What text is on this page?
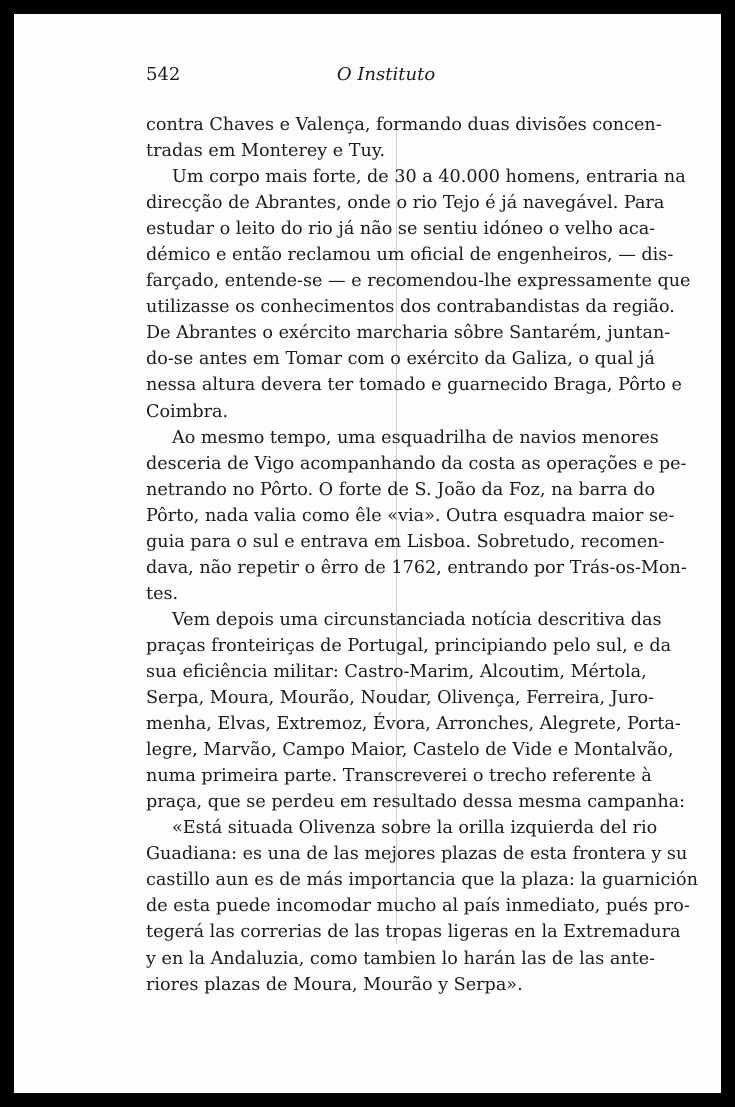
542	O Instituto

contra Chaves e Valença, formando duas divisões concen-
tradas em Monterey e Tuy.

Um corpo mais forte, de 30 a 40.000 homens, entraria na
direcção de Abrantes, onde o rio Tejo é já navegável. Para
estudar o leito do rio já não se sentiu idóneo o velho aca-
démico e então reclamou um oficial de engenheiros, — dis-
farçado, entende-se — e recomendou-lhe expressamente que
utilizasse os conhecimentos dos contrabandistas da região.
De Abrantes o exército marcharia sôbre Santarém, juntan-
do-se antes em Tomar com o exército da Galiza, o qual já
nessa altura devera ter tomado e guarnecido Braga, Pôrto e
Coimbra.

Ao mesmo tempo, uma esquadrilha de navios menores
desceria de Vigo acompanhando da costa as operações e pe-
netrando no Pôrto. O forte de S. João da Foz, na barra do
Pôrto, nada valia como êle «via». Outra esquadra maior se-
guia para o sul e entrava em Lisboa. Sobretudo, recomen-
dava, não repetir o êrro de 1762, entrando por Trás-os-Mon-
tes.

Vem depois uma circunstanciada notícia descritiva das
praças fronteiriças de Portugal, principiando pelo sul, e da
sua eficiência militar: Castro-Marim, Alcoutim, Mértola,
Serpa, Moura, Mourão, Noudar, Olivença, Ferreira, Juro-
menha, Elvas, Extremoz, Évora, Arronches, Alegrete, Porta-
legre, Marvão, Campo Maior, Castelo de Vide e Montalvão,
numa primeira parte. Transcreverei o trecho referente à
praça, que se perdeu em resultado dessa mesma campanha:

«Está situada Olivenza sobre la orilla izquierda del rio
Guadiana: es una de las mejores plazas de esta frontera y su
castillo aun es de más importancia que la plaza: la guarnición
de esta puede incomodar mucho al país inmediato, pués pro-
tegerá las correrias de las tropas ligeras en la Extremadura
y en la Andaluzia, como tambien lo harán las de las ante-
riores plazas de Moura, Mourão y Serpa».
